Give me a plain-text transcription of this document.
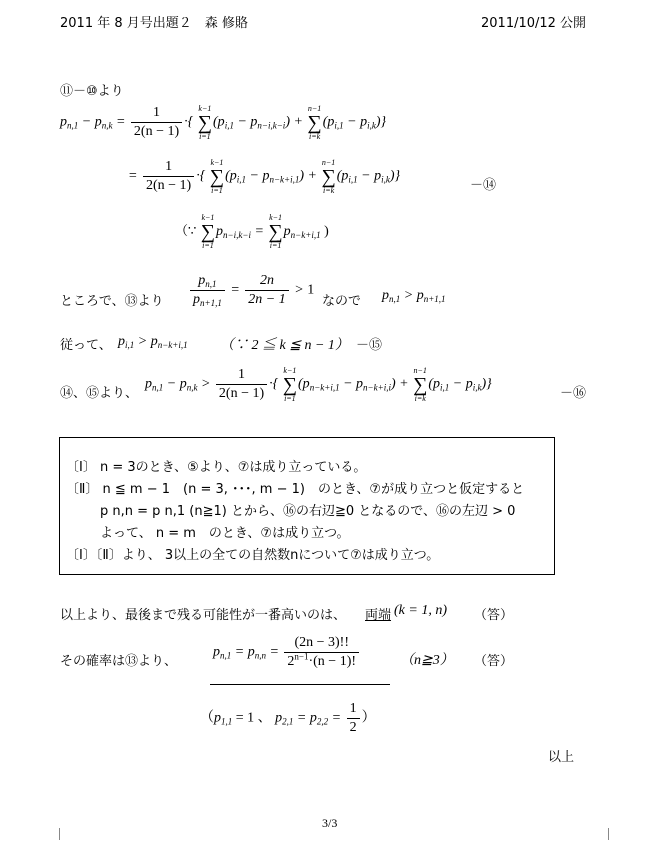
2011 年 8 月号出題２　森 修賂	2011/10/12 公開
⑪－⑩より
$p_{n,1} - p_{n,k} = \frac{1}{2(n - 1)}$ ·{
k−1
∑
i=1
$(p_{i,1} - p_{n-i,k-i})$ +
n−1
∑
i=k
$(p_{i,1} - p_{i,k})$}
= $\frac{1}{2(n - 1)}$ ·{
k−1
∑
i=1
$(p_{i,1} - p_{n-k+i,1})$ +
n−1
∑
i=k
$(p_{i,1} - p_{i,k})$}
－⑭
（∵
k−1
∑
i=1
$p_{n-i,k-i}$ =
k−1
∑
i=1
$p_{n-k+i,1}$ )
ところで、⑬より $\frac{p_{n,1}}{p_{n+1,1}} = \frac{2n}{2n - 1} > 1$
なので $p_{n,1} > p_{n+1,1}$
従って、 $p_{i,1} > p_{n-k+i,1}$ （∵ 2 ≦ k ≦ n − 1） －⑮
⑭、⑮より、
$p_{n,1} - p_{n,k} > \frac{1}{2(n - 1)}$ ·{
k−1
∑
i=1
$(p_{n-k+i,1} - p_{n-k+i,i})$ +
n−1
∑
i=k
$(p_{i,1} - p_{i,k})$}
－⑯
〔Ⅰ〕 n = 3のとき、⑤より、⑦は成り立っている。
〔Ⅱ〕 n ≦ m − 1　(n = 3, ･･･, m − 1)　のとき、⑦が成り立つと仮定すると
p n,n = p n,1 (n≧1) とから、⑯の右辺≧0 となるので、⑯の左辺 > 0
よって、 n = m　のとき、⑦は成り立つ。
〔Ⅰ〕〔Ⅱ〕より、 3以上の全ての自然数nについて⑦は成り立つ。
以上より、最後まで残る可能性が一番高いのは、 両端 (k = 1, n) （答）
その確率は⑬より、
$p_{n,1} = p_{n,n} = \frac{(2n - 3)!!}{2^{n-1}\cdot(n - 1)!}$	（n≧3） （答）
（$p_{1,1} = 1$ 、 $p_{2,1} = p_{2,2} = \frac{1}{2}$ ）
以上
3/3
